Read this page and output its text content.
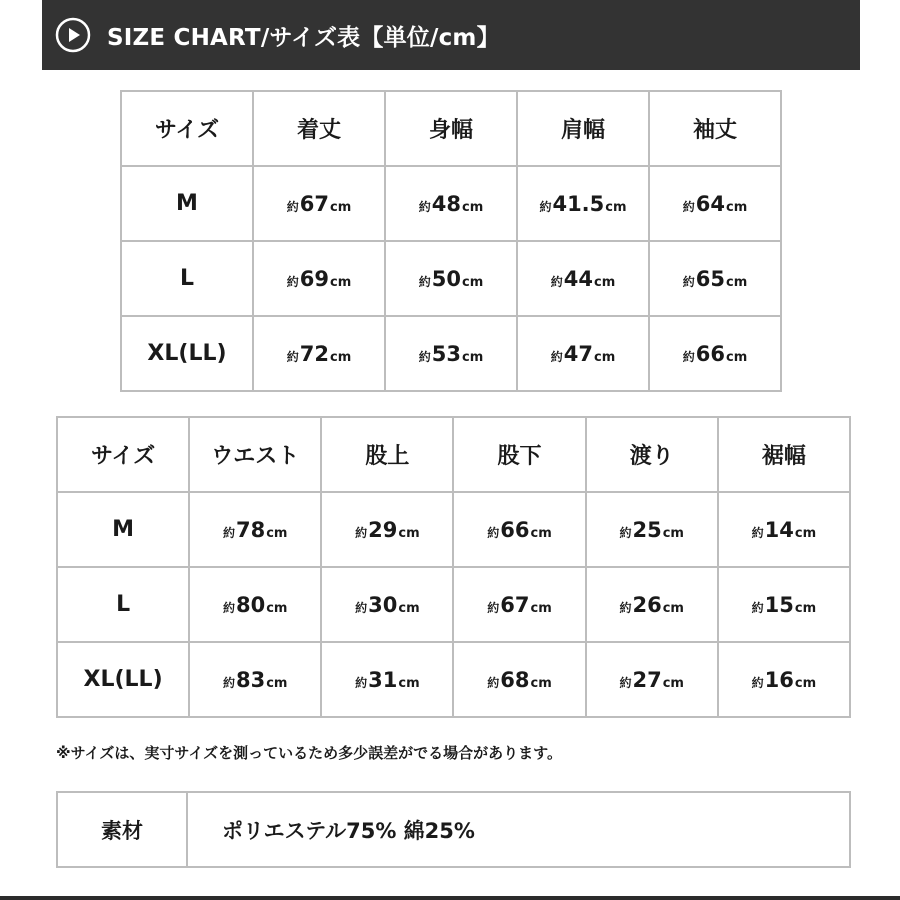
SIZE CHART/サイズ表【単位/cm】
サイズ	着丈	身幅	肩幅	袖丈
M	約67cm	約48cm	約41.5cm	約64cm
L	約69cm	約50cm	約44cm	約65cm
XL(LL)	約72cm	約53cm	約47cm	約66cm
サイズ	ウエスト	股上	股下	渡り	裾幅
M	約78cm	約29cm	約66cm	約25cm	約14cm
L	約80cm	約30cm	約67cm	約26cm	約15cm
XL(LL)	約83cm	約31cm	約68cm	約27cm	約16cm
※サイズは、実寸サイズを測っているため多少誤差がでる場合があります。
素材	ポリエステル75% 綿25%
